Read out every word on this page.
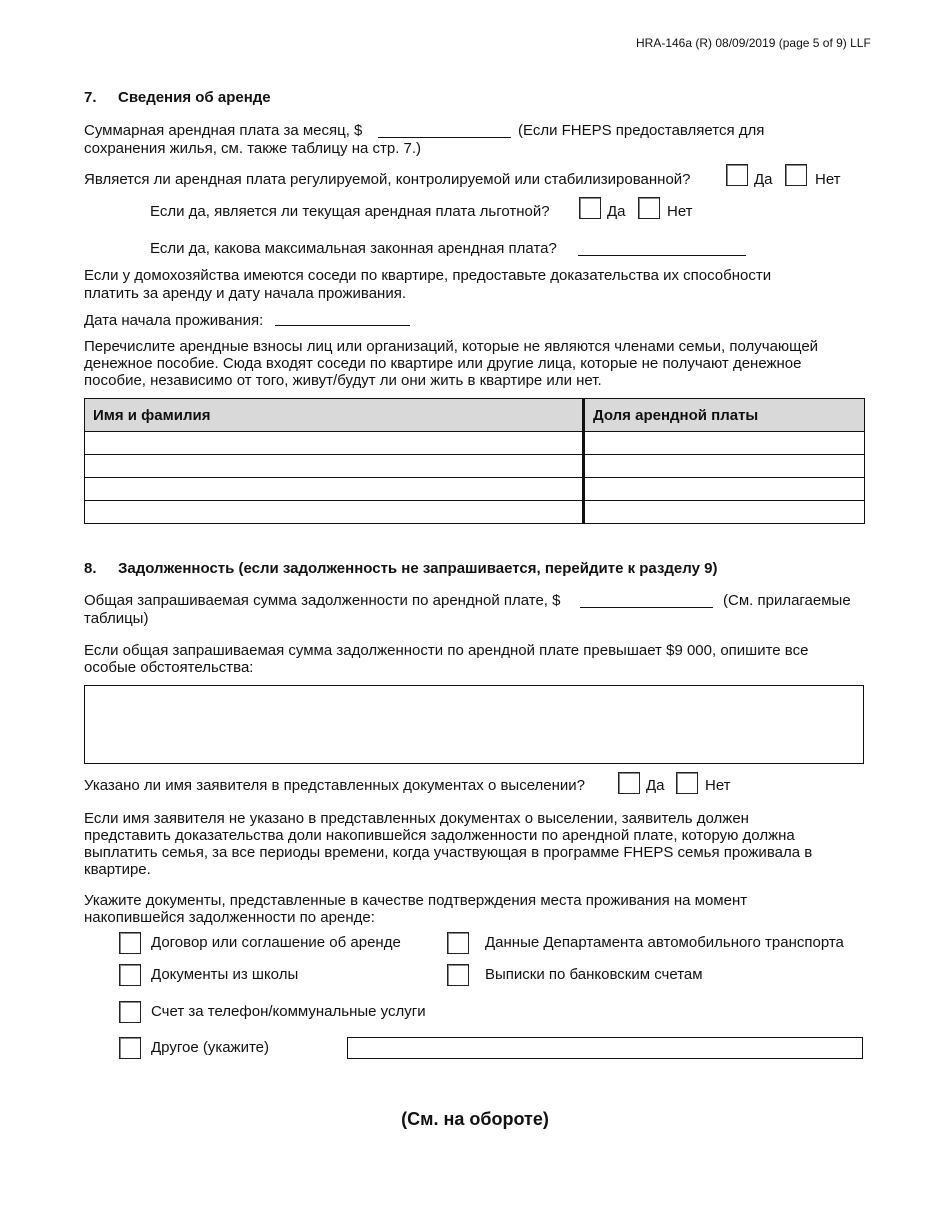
HRA-146a (R) 08/09/2019 (page 5 of 9) LLF
7. Сведения об аренде
Суммарная арендная плата за месяц, $	(Если FHEPS предоставляется для
сохранения жилья, см. также таблицу на стр. 7.)
Является ли арендная плата регулируемой, контролируемой или стабилизированной?	Да	Нет
Если да, является ли текущая арендная плата льготной?	Да	Нет
Если да, какова максимальная законная арендная плата?
Если у домохозяйства имеются соседи по квартире, предоставьте доказательства их способности
платить за аренду и дату начала проживания.
Дата начала проживания:
Перечислите арендные взносы лиц или организаций, которые не являются членами семьи, получающей
денежное пособие. Сюда входят соседи по квартире или другие лица, которые не получают денежное
пособие, независимо от того, живут/будут ли они жить в квартире или нет.
Имя и фамилия	Доля арендной платы

8. Задолженность (если задолженность не запрашивается, перейдите к разделу 9)
Общая запрашиваемая сумма задолженности по арендной плате, $	(См. прилагаемые
таблицы)
Если общая запрашиваемая сумма задолженности по арендной плате превышает $9 000, опишите все
особые обстоятельства:
Указано ли имя заявителя в представленных документах о выселении?	Да	Нет
Если имя заявителя не указано в представленных документах о выселении, заявитель должен
представить доказательства доли накопившейся задолженности по арендной плате, которую должна
выплатить семья, за все периоды времени, когда участвующая в программе FHEPS семья проживала в
квартире.
Укажите документы, представленные в качестве подтверждения места проживания на момент
накопившейся задолженности по аренде:
Договор или соглашение об аренде	Данные Департамента автомобильного транспорта
Документы из школы	Выписки по банковским счетам
Счет за телефон/коммунальные услуги
Другое (укажите)
(См. на обороте)
